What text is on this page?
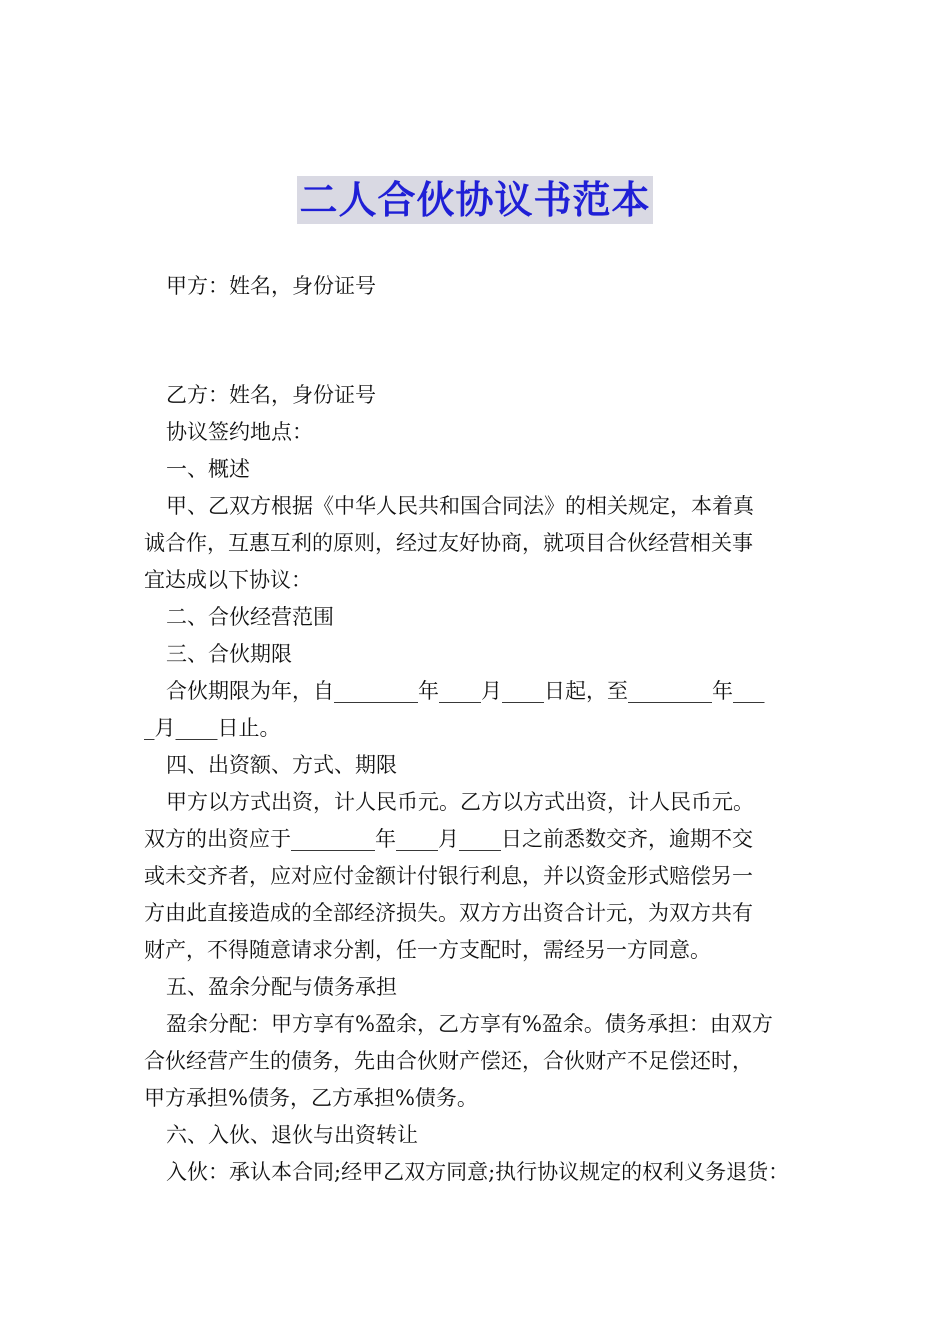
二人合伙协议书范本
甲方：姓名，身份证号
乙方：姓名，身份证号
协议签约地点：
一、概述
甲、乙双方根据《中华人民共和国合同法》的相关规定，本着真
诚合作，互惠互利的原则，经过友好协商，就项目合伙经营相关事
宜达成以下协议：
二、合伙经营范围
三、合伙期限
合伙期限为年，自________年____月____日起，至________年___
_月____日止。
四、出资额、方式、期限
甲方以方式出资，计人民币元。乙方以方式出资，计人民币元。
双方的出资应于________年____月____日之前悉数交齐，逾期不交
或未交齐者，应对应付金额计付银行利息，并以资金形式赔偿另一
方由此直接造成的全部经济损失。双方方出资合计元，为双方共有
财产，不得随意请求分割，任一方支配时，需经另一方同意。
五、盈余分配与债务承担
盈余分配：甲方享有%盈余，乙方享有%盈余。债务承担：由双方
合伙经营产生的债务，先由合伙财产偿还，合伙财产不足偿还时，
甲方承担%债务，乙方承担%债务。
六、入伙、退伙与出资转让
入伙：承认本合同;经甲乙双方同意;执行协议规定的权利义务退货：
